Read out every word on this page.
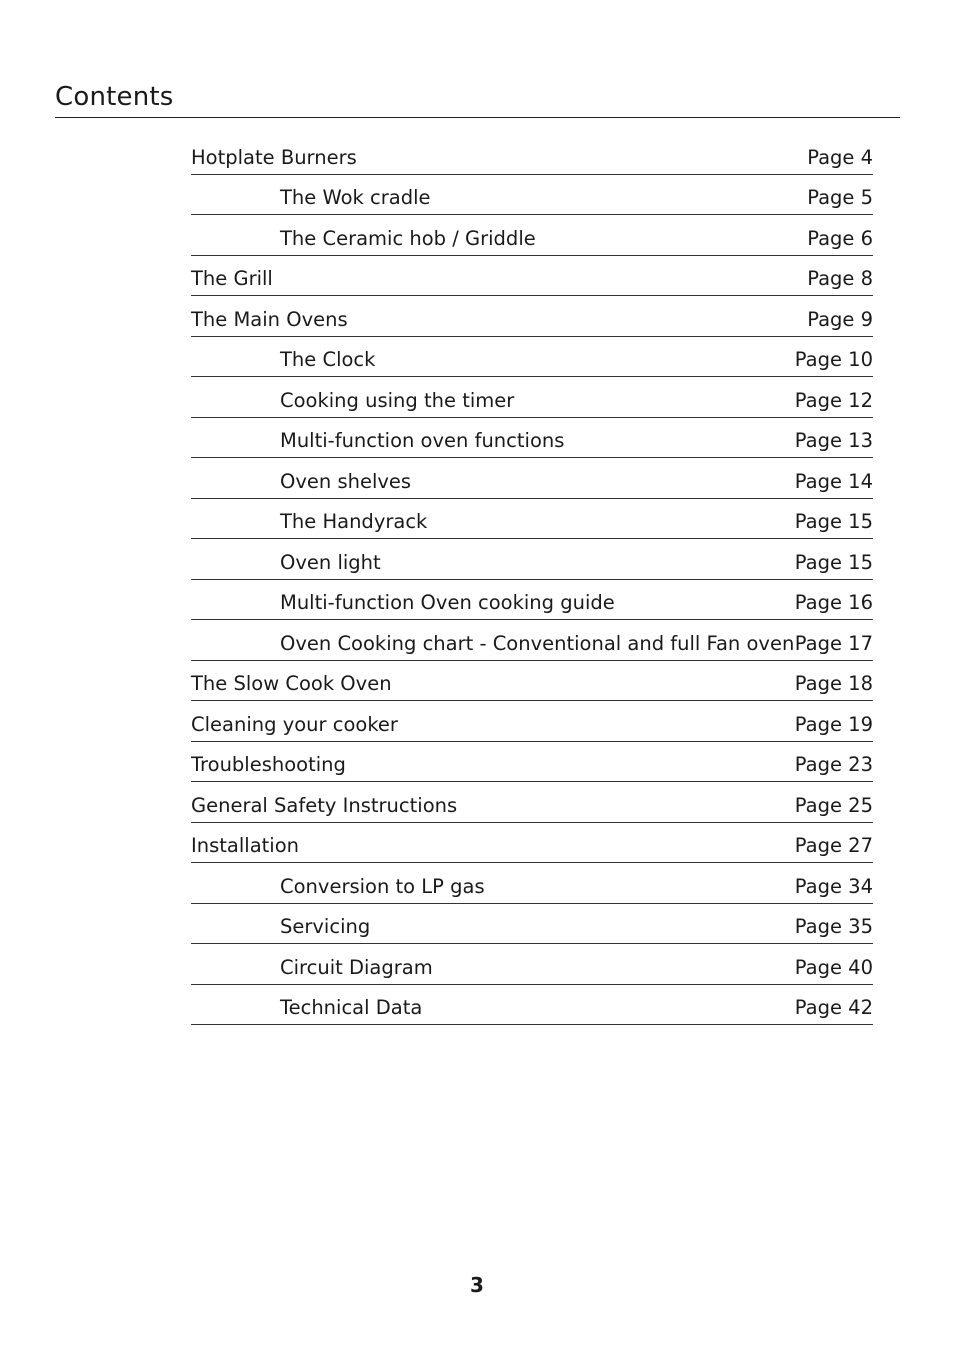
Contents
Hotplate Burners	Page 4
The Wok cradle	Page 5
The Ceramic hob / Griddle	Page 6
The Grill	Page 8
The Main Ovens	Page 9
The Clock	Page 10
Cooking using the timer	Page 12
Multi-function oven functions	Page 13
Oven shelves	Page 14
The Handyrack	Page 15
Oven light	Page 15
Multi-function Oven cooking guide	Page 16
Oven Cooking chart - Conventional and full Fan oven Page 17
The Slow Cook Oven	Page 18
Cleaning your cooker	Page 19
Troubleshooting	Page 23
General Safety Instructions	Page 25
Installation	Page 27
Conversion to LP gas	Page 34
Servicing	Page 35
Circuit Diagram	Page 40
Technical Data	Page 42
3
